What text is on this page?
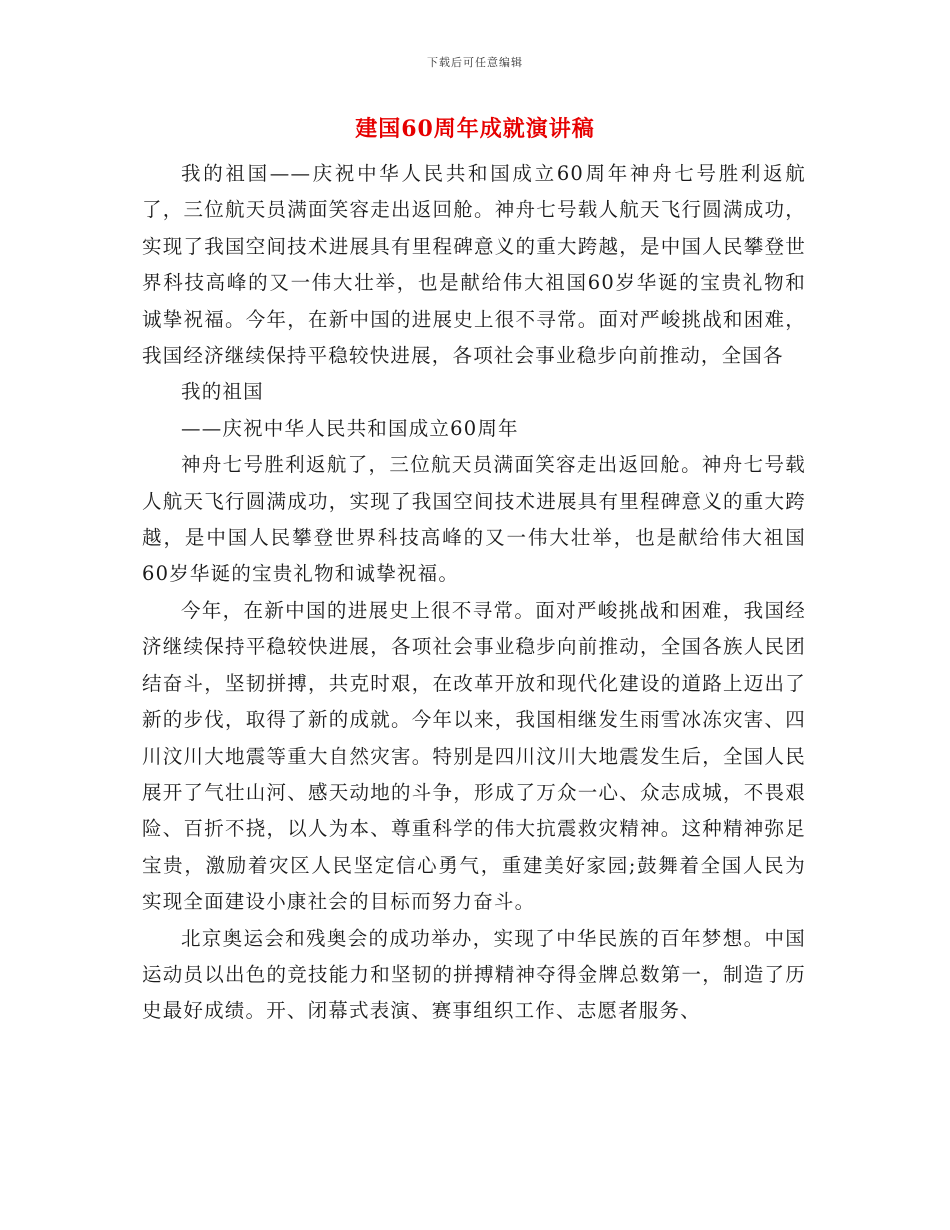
下载后可任意编辑
建国60周年成就演讲稿

我的祖国——庆祝中华人民共和国成立60周年神舟七号胜利返航了，三位航天员满面笑容走出返回舱。神舟七号载人航天飞行圆满成功，实现了我国空间技术进展具有里程碑意义的重大跨越，是中国人民攀登世界科技高峰的又一伟大壮举，也是献给伟大祖国60岁华诞的宝贵礼物和诚挚祝福。今年，在新中国的进展史上很不寻常。面对严峻挑战和困难，我国经济继续保持平稳较快进展，各项社会事业稳步向前推动，全国各

我的祖国

——庆祝中华人民共和国成立60周年

神舟七号胜利返航了，三位航天员满面笑容走出返回舱。神舟七号载人航天飞行圆满成功，实现了我国空间技术进展具有里程碑意义的重大跨越，是中国人民攀登世界科技高峰的又一伟大壮举，也是献给伟大祖国60岁华诞的宝贵礼物和诚挚祝福。

今年，在新中国的进展史上很不寻常。面对严峻挑战和困难，我国经济继续保持平稳较快进展，各项社会事业稳步向前推动，全国各族人民团结奋斗，坚韧拼搏，共克时艰，在改革开放和现代化建设的道路上迈出了新的步伐，取得了新的成就。今年以来，我国相继发生雨雪冰冻灾害、四川汶川大地震等重大自然灾害。特别是四川汶川大地震发生后，全国人民展开了气壮山河、感天动地的斗争，形成了万众一心、众志成城，不畏艰险、百折不挠，以人为本、尊重科学的伟大抗震救灾精神。这种精神弥足宝贵，激励着灾区人民坚定信心勇气，重建美好家园;鼓舞着全国人民为实现全面建设小康社会的目标而努力奋斗。

北京奥运会和残奥会的成功举办，实现了中华民族的百年梦想。中国运动员以出色的竞技能力和坚韧的拼搏精神夺得金牌总数第一，制造了历史最好成绩。开、闭幕式表演、赛事组织工作、志愿者服务、
